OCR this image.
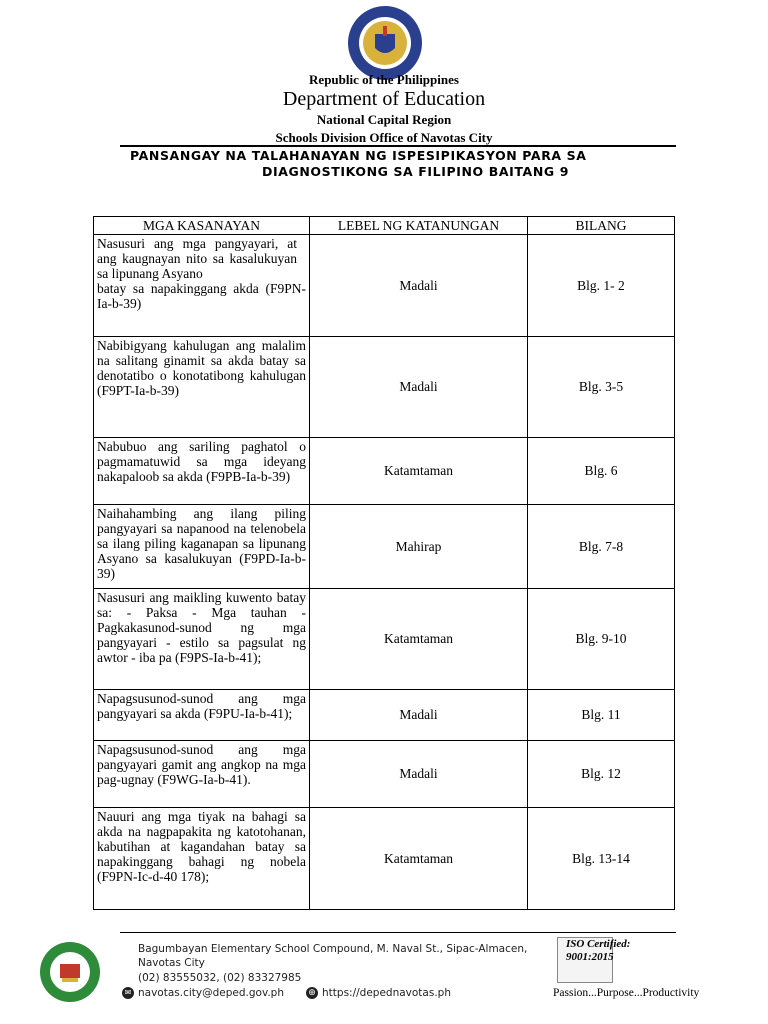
Republic of the Philippines
Department of Education
National Capital Region
Schools Division Office of Navotas City
PANSANGAY NA TALAHANAYAN NG ISPESIPIKASYON PARA SA
DIAGNOSTIKONG SA FILIPINO BAITANG 9
MGA KASANAYAN	LEBEL NG KATANUNGAN	BILANG

Nasusuri ang mga pangyayari, at ang kaugnayan nito sa kasalukuyan sa lipunang Asyano
batay sa napakinggang akda (F9PN-Ia-b-39)	Madali	Blg. 1- 2
Nabibigyang kahulugan ang malalim na salitang ginamit sa akda batay sa denotatibo o konotatibong kahulugan (F9PT-Ia-b-39)	Madali	Blg. 3-5
Nabubuo ang sariling paghatol o pagmamatuwid sa mga ideyang nakapaloob sa akda (F9PB-Ia-b-39)	Katamtaman	Blg. 6
Naihahambing ang ilang piling pangyayari sa napanood na telenobela sa ilang piling kaganapan sa lipunang Asyano sa kasalukuyan (F9PD-Ia-b-39)	Mahirap	Blg. 7-8
Nasusuri ang maikling kuwento batay sa: - Paksa - Mga tauhan - Pagkakasunod-sunod ng mga pangyayari - estilo sa pagsulat ng awtor - iba pa (F9PS-Ia-b-41);	Katamtaman	Blg. 9-10
Napagsusunod-sunod ang mga pangyayari sa akda (F9PU-Ia-b-41);	Madali	Blg. 11
Napagsusunod-sunod ang mga pangyayari gamit ang angkop na mga pag-ugnay (F9WG-Ia-b-41).	Madali	Blg. 12
Nauuri ang mga tiyak na bahagi sa akda na nagpapakita ng katotohanan, kabutihan at kagandahan batay sa napakinggang bahagi ng nobela (F9PN-Ic-d-40 178);	Katamtaman	Blg. 13-14
Bagumbayan Elementary School Compound, M. Naval St., Sipac-Almacen,
Navotas City
(02) 83555032, (02) 83327985
✉ navotas.city@deped.gov.ph	⊕ https://depednavotas.ph
ISO Certified: 9001:2015
Passion...Purpose...Productivity
